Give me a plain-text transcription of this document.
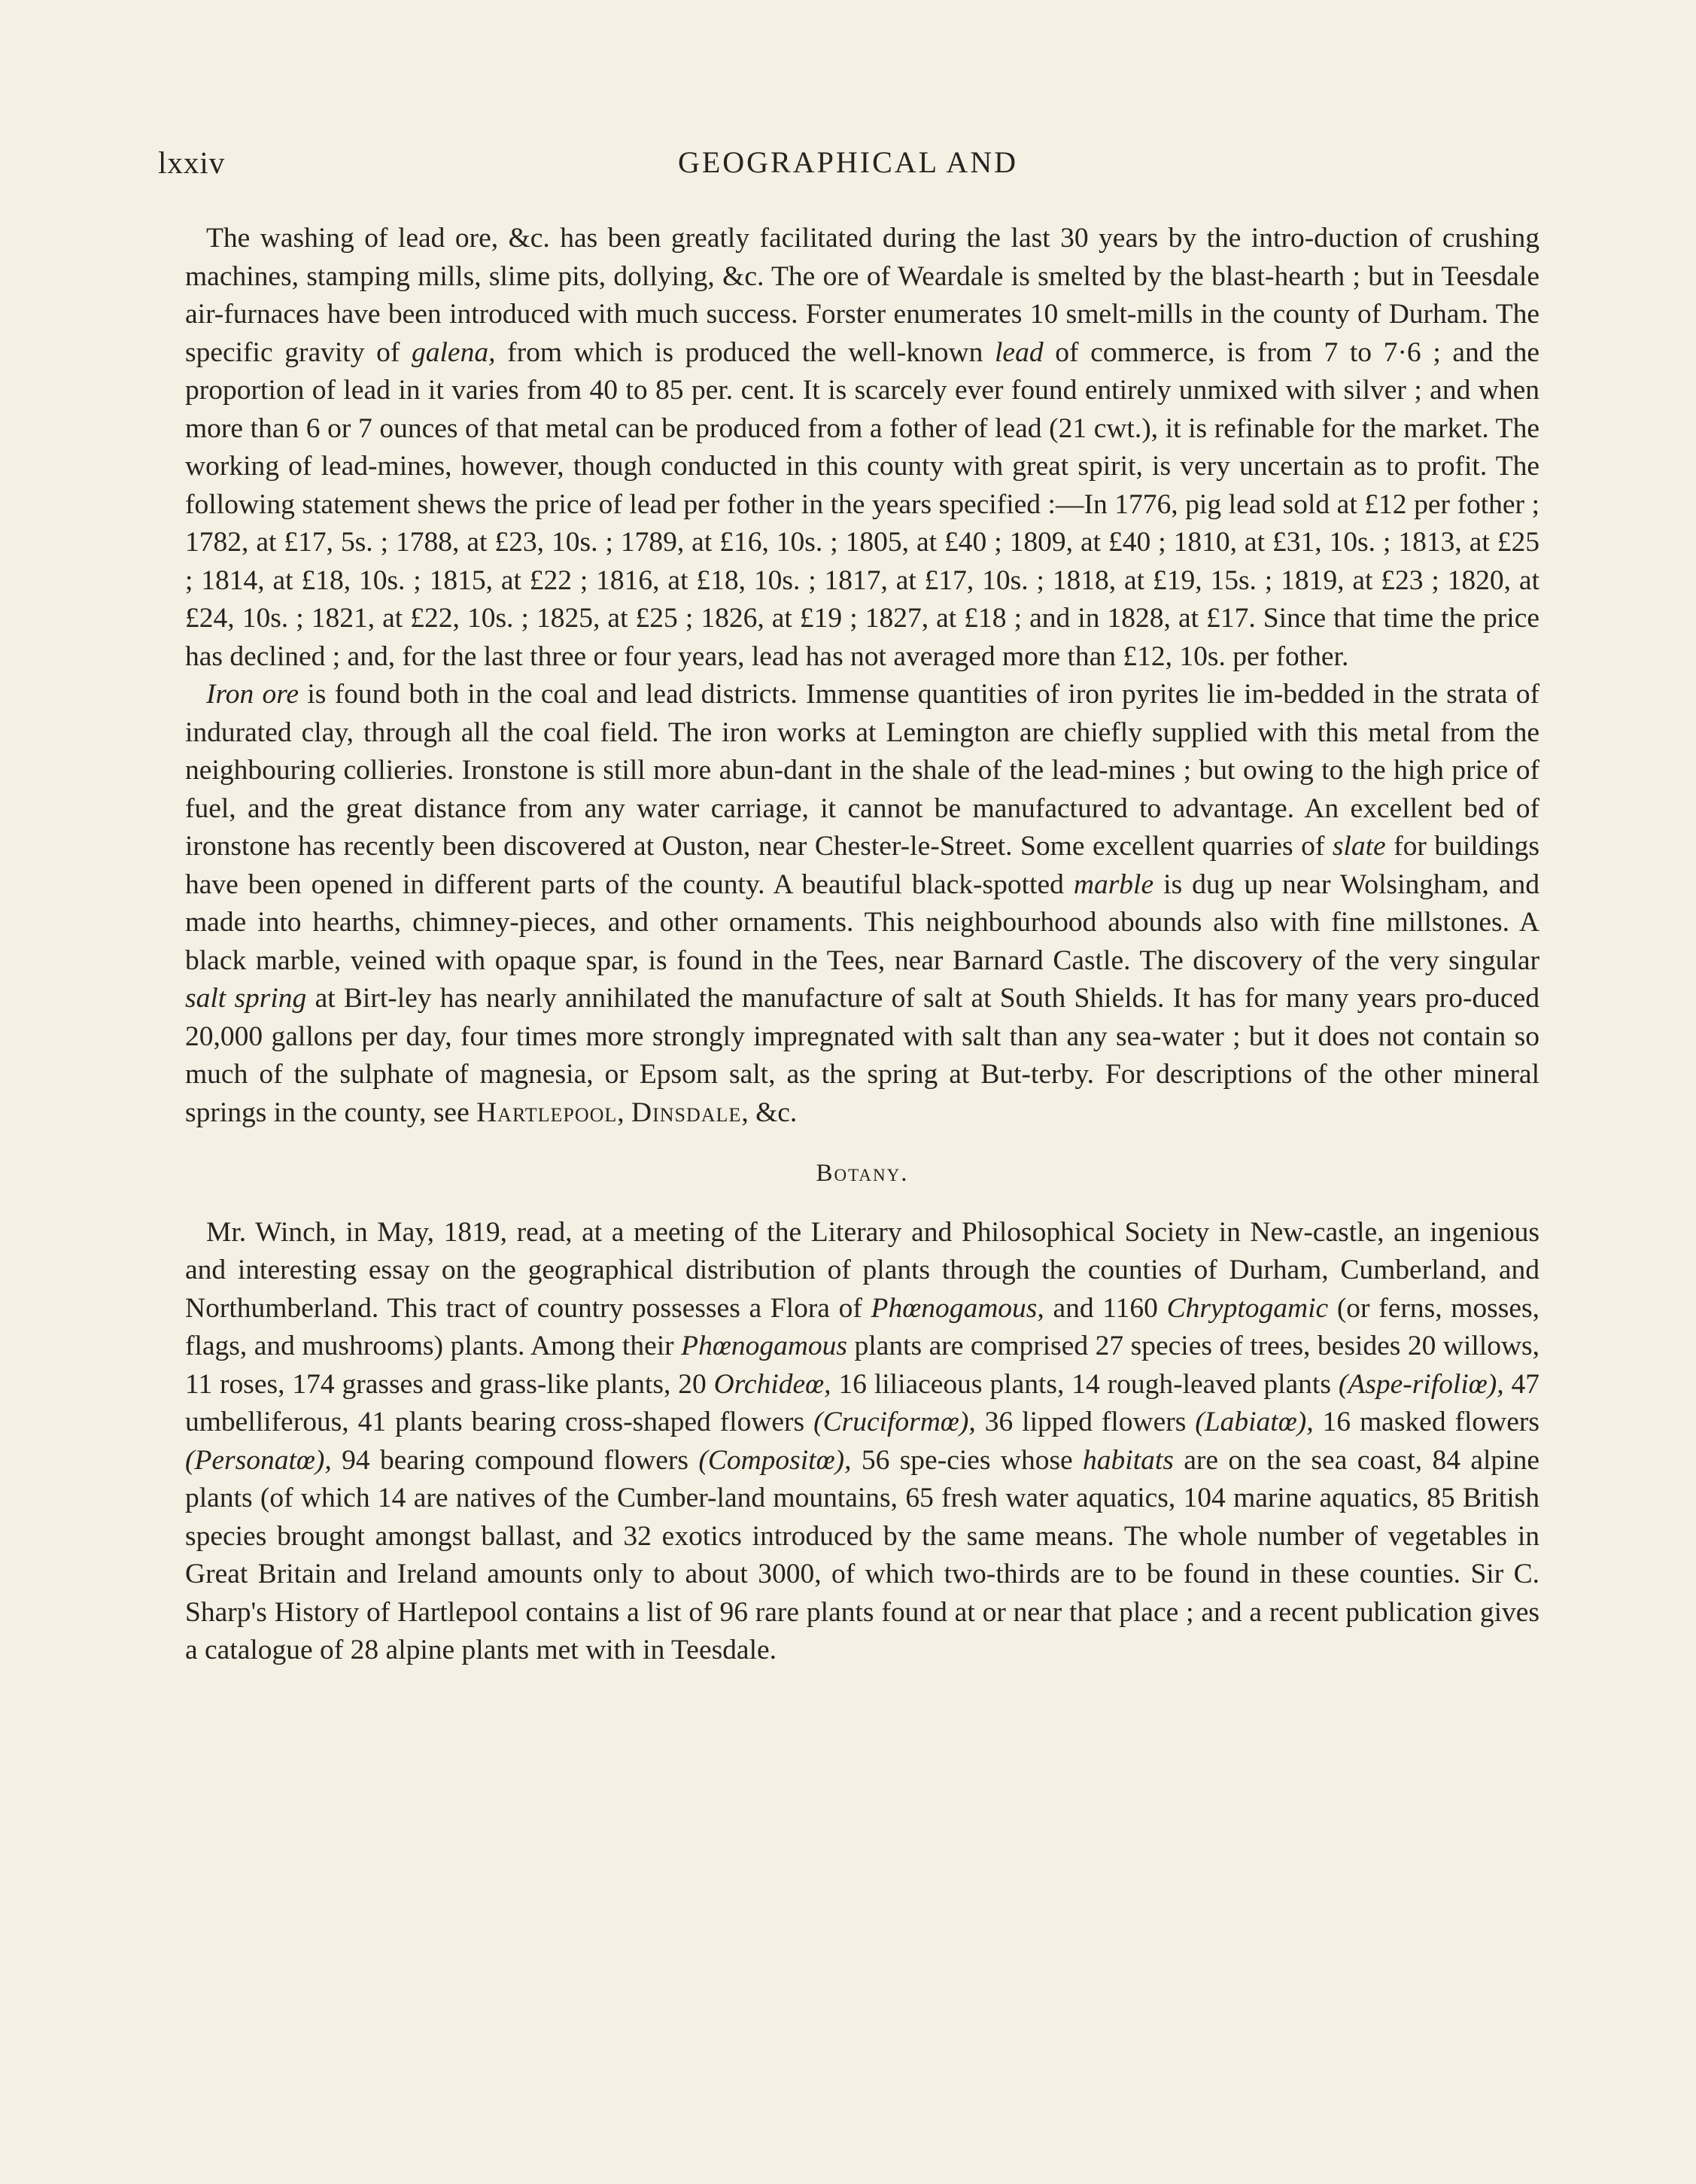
lxxiv	GEOGRAPHICAL AND

The washing of lead ore, &c. has been greatly facilitated during the last 30 years by the intro-duction of crushing machines, stamping mills, slime pits, dollying, &c. The ore of Weardale is smelted by the blast-hearth ; but in Teesdale air-furnaces have been introduced with much success. Forster enumerates 10 smelt-mills in the county of Durham. The specific gravity of galena, from which is produced the well-known lead of commerce, is from 7 to 7·6 ; and the proportion of lead in it varies from 40 to 85 per. cent. It is scarcely ever found entirely unmixed with silver ; and when more than 6 or 7 ounces of that metal can be produced from a fother of lead (21 cwt.), it is refinable for the market. The working of lead-mines, however, though conducted in this county with great spirit, is very uncertain as to profit. The following statement shews the price of lead per fother in the years specified :—In 1776, pig lead sold at £12 per fother ; 1782, at £17, 5s. ; 1788, at £23, 10s. ; 1789, at £16, 10s. ; 1805, at £40 ; 1809, at £40 ; 1810, at £31, 10s. ; 1813, at £25 ; 1814, at £18, 10s. ; 1815, at £22 ; 1816, at £18, 10s. ; 1817, at £17, 10s. ; 1818, at £19, 15s. ; 1819, at £23 ; 1820, at £24, 10s. ; 1821, at £22, 10s. ; 1825, at £25 ; 1826, at £19 ; 1827, at £18 ; and in 1828, at £17. Since that time the price has declined ; and, for the last three or four years, lead has not averaged more than £12, 10s. per fother.

Iron ore is found both in the coal and lead districts. Immense quantities of iron pyrites lie im-bedded in the strata of indurated clay, through all the coal field. The iron works at Lemington are chiefly supplied with this metal from the neighbouring collieries. Ironstone is still more abun-dant in the shale of the lead-mines ; but owing to the high price of fuel, and the great distance from any water carriage, it cannot be manufactured to advantage. An excellent bed of ironstone has recently been discovered at Ouston, near Chester-le-Street. Some excellent quarries of slate for buildings have been opened in different parts of the county. A beautiful black-spotted marble is dug up near Wolsingham, and made into hearths, chimney-pieces, and other ornaments. This neighbourhood abounds also with fine millstones. A black marble, veined with opaque spar, is found in the Tees, near Barnard Castle. The discovery of the very singular salt spring at Birt-ley has nearly annihilated the manufacture of salt at South Shields. It has for many years pro-duced 20,000 gallons per day, four times more strongly impregnated with salt than any sea-water ; but it does not contain so much of the sulphate of magnesia, or Epsom salt, as the spring at But-terby. For descriptions of the other mineral springs in the county, see Hartlepool, Dinsdale, &c.

Botany.

Mr. Winch, in May, 1819, read, at a meeting of the Literary and Philosophical Society in New-castle, an ingenious and interesting essay on the geographical distribution of plants through the counties of Durham, Cumberland, and Northumberland. This tract of country possesses a Flora of Phœnogamous, and 1160 Chryptogamic (or ferns, mosses, flags, and mushrooms) plants. Among their Phœnogamous plants are comprised 27 species of trees, besides 20 willows, 11 roses, 174 grasses and grass-like plants, 20 Orchideœ, 16 liliaceous plants, 14 rough-leaved plants (Aspe-rifoliœ), 47 umbelliferous, 41 plants bearing cross-shaped flowers (Cruciformœ), 36 lipped flowers (Labiatœ), 16 masked flowers (Personatœ), 94 bearing compound flowers (Compositœ), 56 spe-cies whose habitats are on the sea coast, 84 alpine plants (of which 14 are natives of the Cumber-land mountains, 65 fresh water aquatics, 104 marine aquatics, 85 British species brought amongst ballast, and 32 exotics introduced by the same means. The whole number of vegetables in Great Britain and Ireland amounts only to about 3000, of which two-thirds are to be found in these counties. Sir C. Sharp's History of Hartlepool contains a list of 96 rare plants found at or near that place ; and a recent publication gives a catalogue of 28 alpine plants met with in Teesdale.
